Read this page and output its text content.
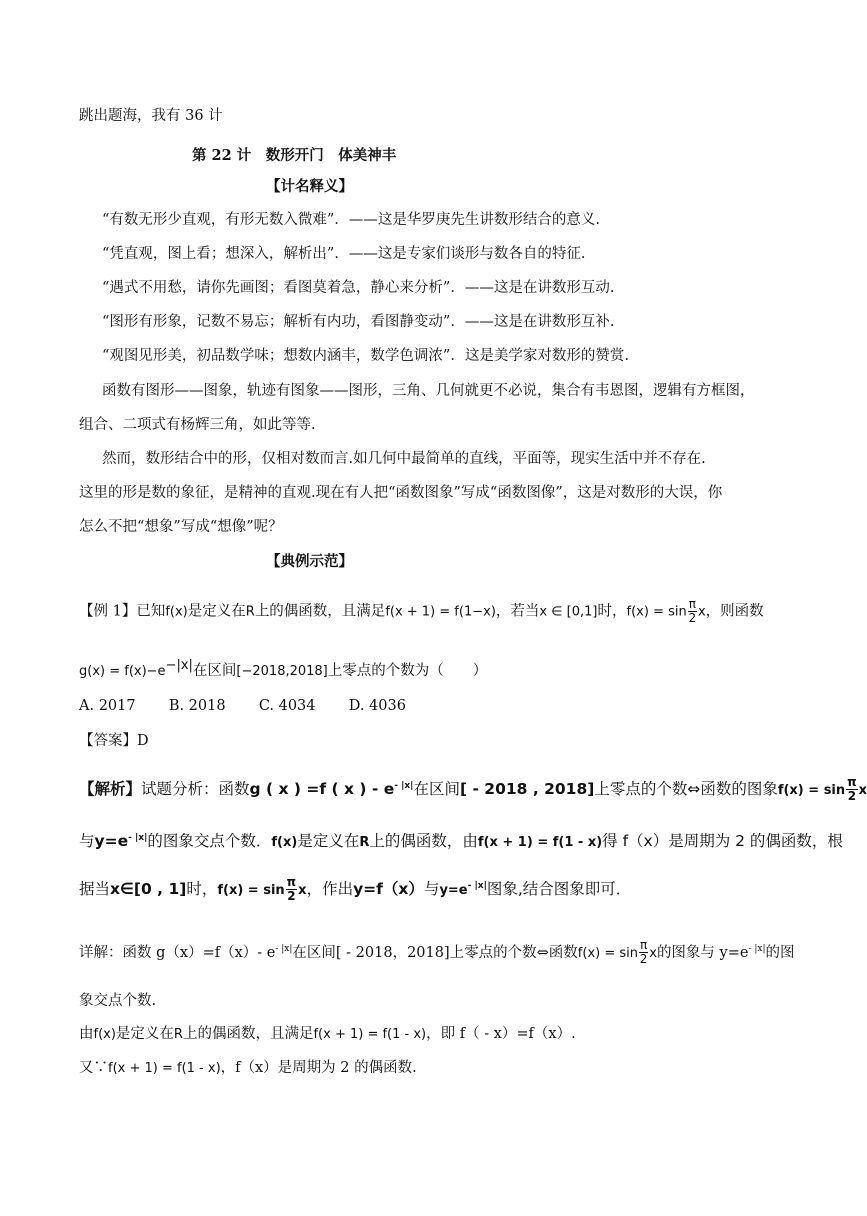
跳出题海，我有 36 计
第 22 计　数形开门　体美神丰
【计名释义】
“有数无形少直观，有形无数入微难”．——这是华罗庚先生讲数形结合的意义.
“凭直观，图上看；想深入，解析出”．——这是专家们谈形与数各自的特征.
“遇式不用愁，请你先画图；看图莫着急，静心来分析”．——这是在讲数形互动.
“图形有形象，记数不易忘；解析有内功，看图静变动”．——这是在讲数形互补.
“观图见形美，初品数学味；想数内涵丰，数学色调浓”．这是美学家对数形的赞赏.
函数有图形——图象，轨迹有图象——图形，三角、几何就更不必说，集合有韦恩图，逻辑有方框图，
组合、二项式有杨辉三角，如此等等.
然而，数形结合中的形，仅相对数而言.如几何中最简单的直线，平面等，现实生活中并不存在.
这里的形是数的象征，是精神的直观.现在有人把“函数图象”写成“函数图像”，这是对数形的大误，你
怎么不把“想象”写成“想像”呢？
【典例示范】
【例 1】已知f(x)是定义在R上的偶函数，且满足f(x + 1) = f(1−x)，若当x ∈ [0,1]时，$f(x) = \sin \frac{\pi}{2}$ x，则函数
$g(x) = f(x)-e^{-|x|}$在区间[−2018,2018]上零点的个数为（　　）
A. 2017 B. 2018 C. 4034 D. 4036
【答案】D
【解析】试题分析：函数g ( x ) =f ( x ) - $e^{- |x|}$在区间[ - 2018 , 2018]上零点的个数⇔函数的图象$f(x) = \sin \frac{\pi}{2}$ x
与$y=e^{- |x|}$的图象交点个数．f(x)是定义在R上的偶函数，由f(x + 1) = f(1 - x)得 f（x）是周期为 2 的偶函数，根
据当x∈[0 , 1]时，$f(x) = \sin \frac{\pi}{2}$ x，作出y=f（x）与$y=e^{- |x|}$图象,结合图象即可．
详解：函数 g（x）=f（x）- $e^{- |x|}$在区间[ - 2018，2018]上零点的个数⇔函数$f(x) = \sin \frac{\pi}{2}$ x的图象与 $y=e^{- |x|}$的图
象交点个数.
由f(x)是定义在R上的偶函数，且满足f(x + 1) = f(1 - x)，即 f（ - x）=f（x）.
又∵f(x + 1) = f(1 - x)，f（x）是周期为 2 的偶函数.
